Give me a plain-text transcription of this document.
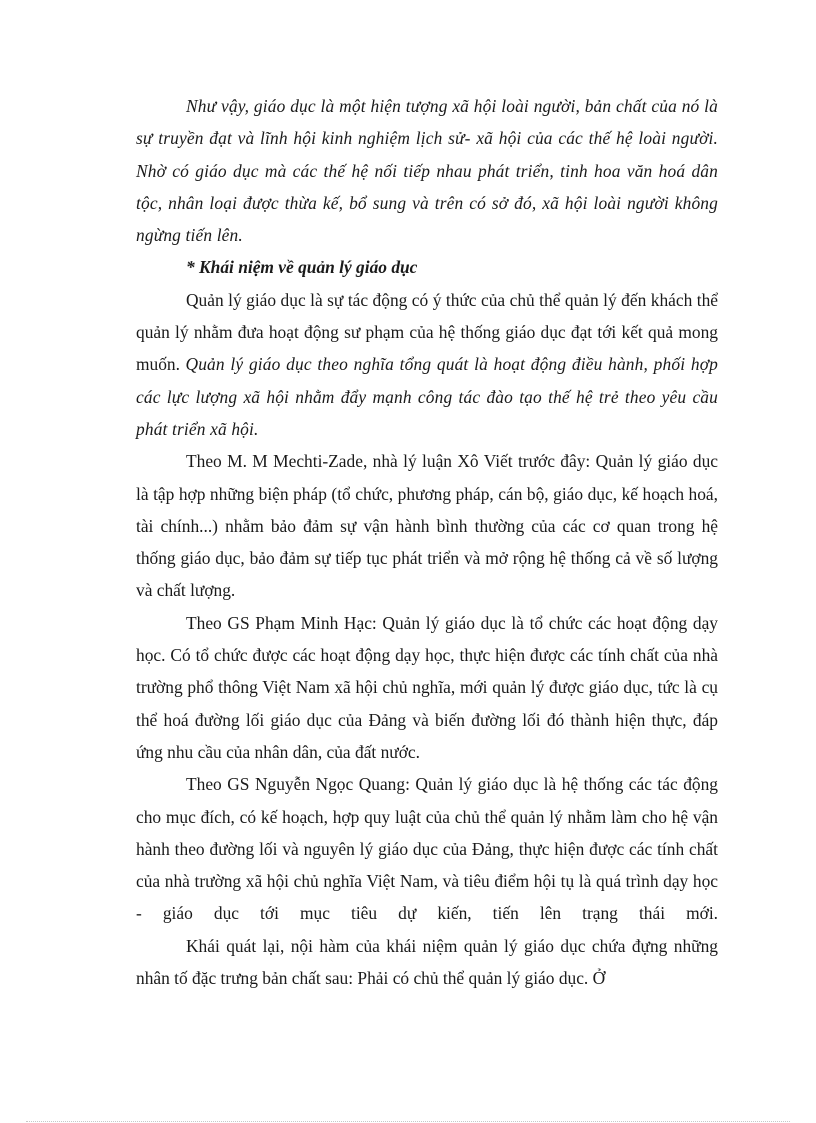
Như vậy, giáo dục là một hiện tượng xã hội loài người, bản chất của nó là sự truyền đạt và lĩnh hội kinh nghiệm lịch sử- xã hội của các thế hệ loài người. Nhờ có giáo dục mà các thế hệ nối tiếp nhau phát triển, tinh hoa văn hoá dân tộc, nhân loại được thừa kế, bổ sung và trên có sở đó, xã hội loài người không ngừng tiến lên.

* Khái niệm về quản lý giáo dục

Quản lý giáo dục là sự tác động có ý thức của chủ thể quản lý đến khách thể quản lý nhằm đưa hoạt động sư phạm của hệ thống giáo dục đạt tới kết quả mong muốn. Quản lý giáo dục theo nghĩa tổng quát là hoạt động điều hành, phối hợp các lực lượng xã hội nhằm đẩy mạnh công tác đào tạo thế hệ trẻ theo yêu cầu phát triển xã hội.

Theo M. M Mechti-Zade, nhà lý luận Xô Viết trước đây: Quản lý giáo dục là tập hợp những biện pháp (tổ chức, phương pháp, cán bộ, giáo dục, kế hoạch hoá, tài chính...) nhằm bảo đảm sự vận hành bình thường của các cơ quan trong hệ thống giáo dục, bảo đảm sự tiếp tục phát triển và mở rộng hệ thống cả về số lượng và chất lượng.

Theo GS Phạm Minh Hạc: Quản lý giáo dục là tổ chức các hoạt động dạy học. Có tổ chức được các hoạt động dạy học, thực hiện được các tính chất của nhà trường phổ thông Việt Nam xã hội chủ nghĩa, mới quản lý được giáo dục, tức là cụ thể hoá đường lối giáo dục của Đảng và biến đường lối đó thành hiện thực, đáp ứng nhu cầu của nhân dân, của đất nước.

Theo GS Nguyễn Ngọc Quang: Quản lý giáo dục là hệ thống các tác động cho mục đích, có kế hoạch, hợp quy luật của chủ thể quản lý nhằm làm cho hệ vận hành theo đường lối và nguyên lý giáo dục của Đảng, thực hiện được các tính chất của nhà trường xã hội chủ nghĩa Việt Nam, và tiêu điểm hội tụ là quá trình dạy học - giáo dục tới mục tiêu dự kiến, tiến lên trạng thái mới.

Khái quát lại, nội hàm của khái niệm quản lý giáo dục chứa đựng những nhân tố đặc trưng bản chất sau: Phải có chủ thể quản lý giáo dục. Ở
